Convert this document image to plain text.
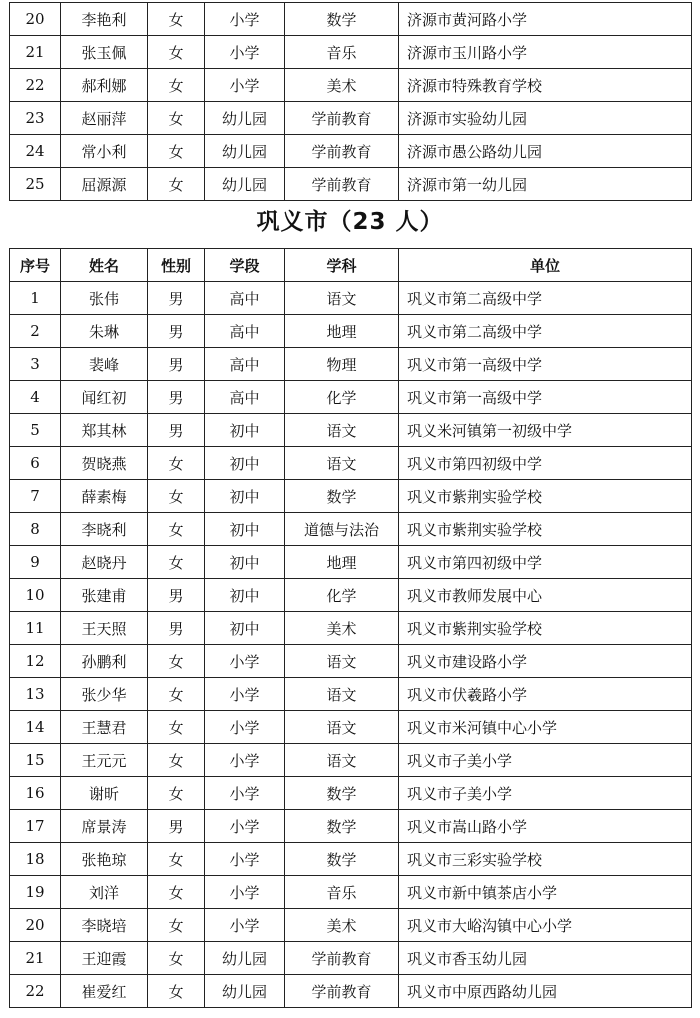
20	李艳利	女	小学	数学	济源市黄河路小学
21	张玉佩	女	小学	音乐	济源市玉川路小学
22	郝利娜	女	小学	美术	济源市特殊教育学校
23	赵丽萍	女	幼儿园	学前教育	济源市实验幼儿园
24	常小利	女	幼儿园	学前教育	济源市愚公路幼儿园
25	屈源源	女	幼儿园	学前教育	济源市第一幼儿园
巩义市（23 人）
序号	姓名	性别	学段	学科	单位
1	张伟	男	高中	语文	巩义市第二高级中学
2	朱琳	男	高中	地理	巩义市第二高级中学
3	裴峰	男	高中	物理	巩义市第一高级中学
4	闻红初	男	高中	化学	巩义市第一高级中学
5	郑其林	男	初中	语文	巩义米河镇第一初级中学
6	贺晓燕	女	初中	语文	巩义市第四初级中学
7	薛素梅	女	初中	数学	巩义市紫荆实验学校
8	李晓利	女	初中	道德与法治	巩义市紫荆实验学校
9	赵晓丹	女	初中	地理	巩义市第四初级中学
10	张建甫	男	初中	化学	巩义市教师发展中心
11	王天照	男	初中	美术	巩义市紫荆实验学校
12	孙鹏利	女	小学	语文	巩义市建设路小学
13	张少华	女	小学	语文	巩义市伏羲路小学
14	王慧君	女	小学	语文	巩义市米河镇中心小学
15	王元元	女	小学	语文	巩义市子美小学
16	谢昕	女	小学	数学	巩义市子美小学
17	席景涛	男	小学	数学	巩义市嵩山路小学
18	张艳琼	女	小学	数学	巩义市三彩实验学校
19	刘洋	女	小学	音乐	巩义市新中镇茶店小学
20	李晓培	女	小学	美术	巩义市大峪沟镇中心小学
21	王迎霞	女	幼儿园	学前教育	巩义市香玉幼儿园
22	崔爱红	女	幼儿园	学前教育	巩义市中原西路幼儿园
